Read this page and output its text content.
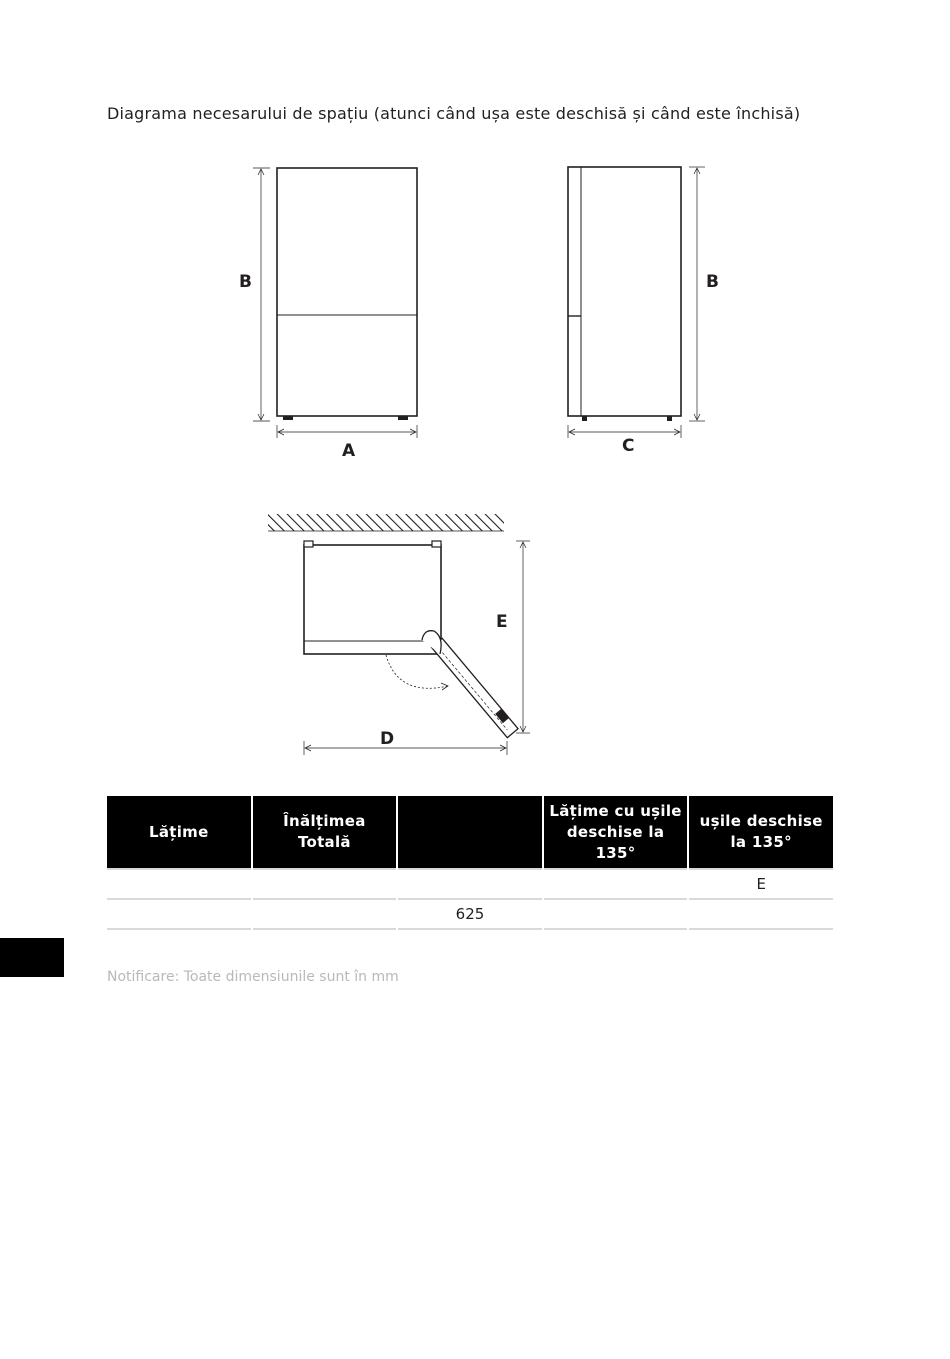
Diagrama necesarului de spațiu (atunci când ușa este deschisă și când este închisă)

B
A
B
C
E
D
Lățime	Înălțimea Totală		Lățime cu ușile deschise la 135°	ușile deschise la 135°
				E
		625		

Notificare: Toate dimensiunile sunt în mm
